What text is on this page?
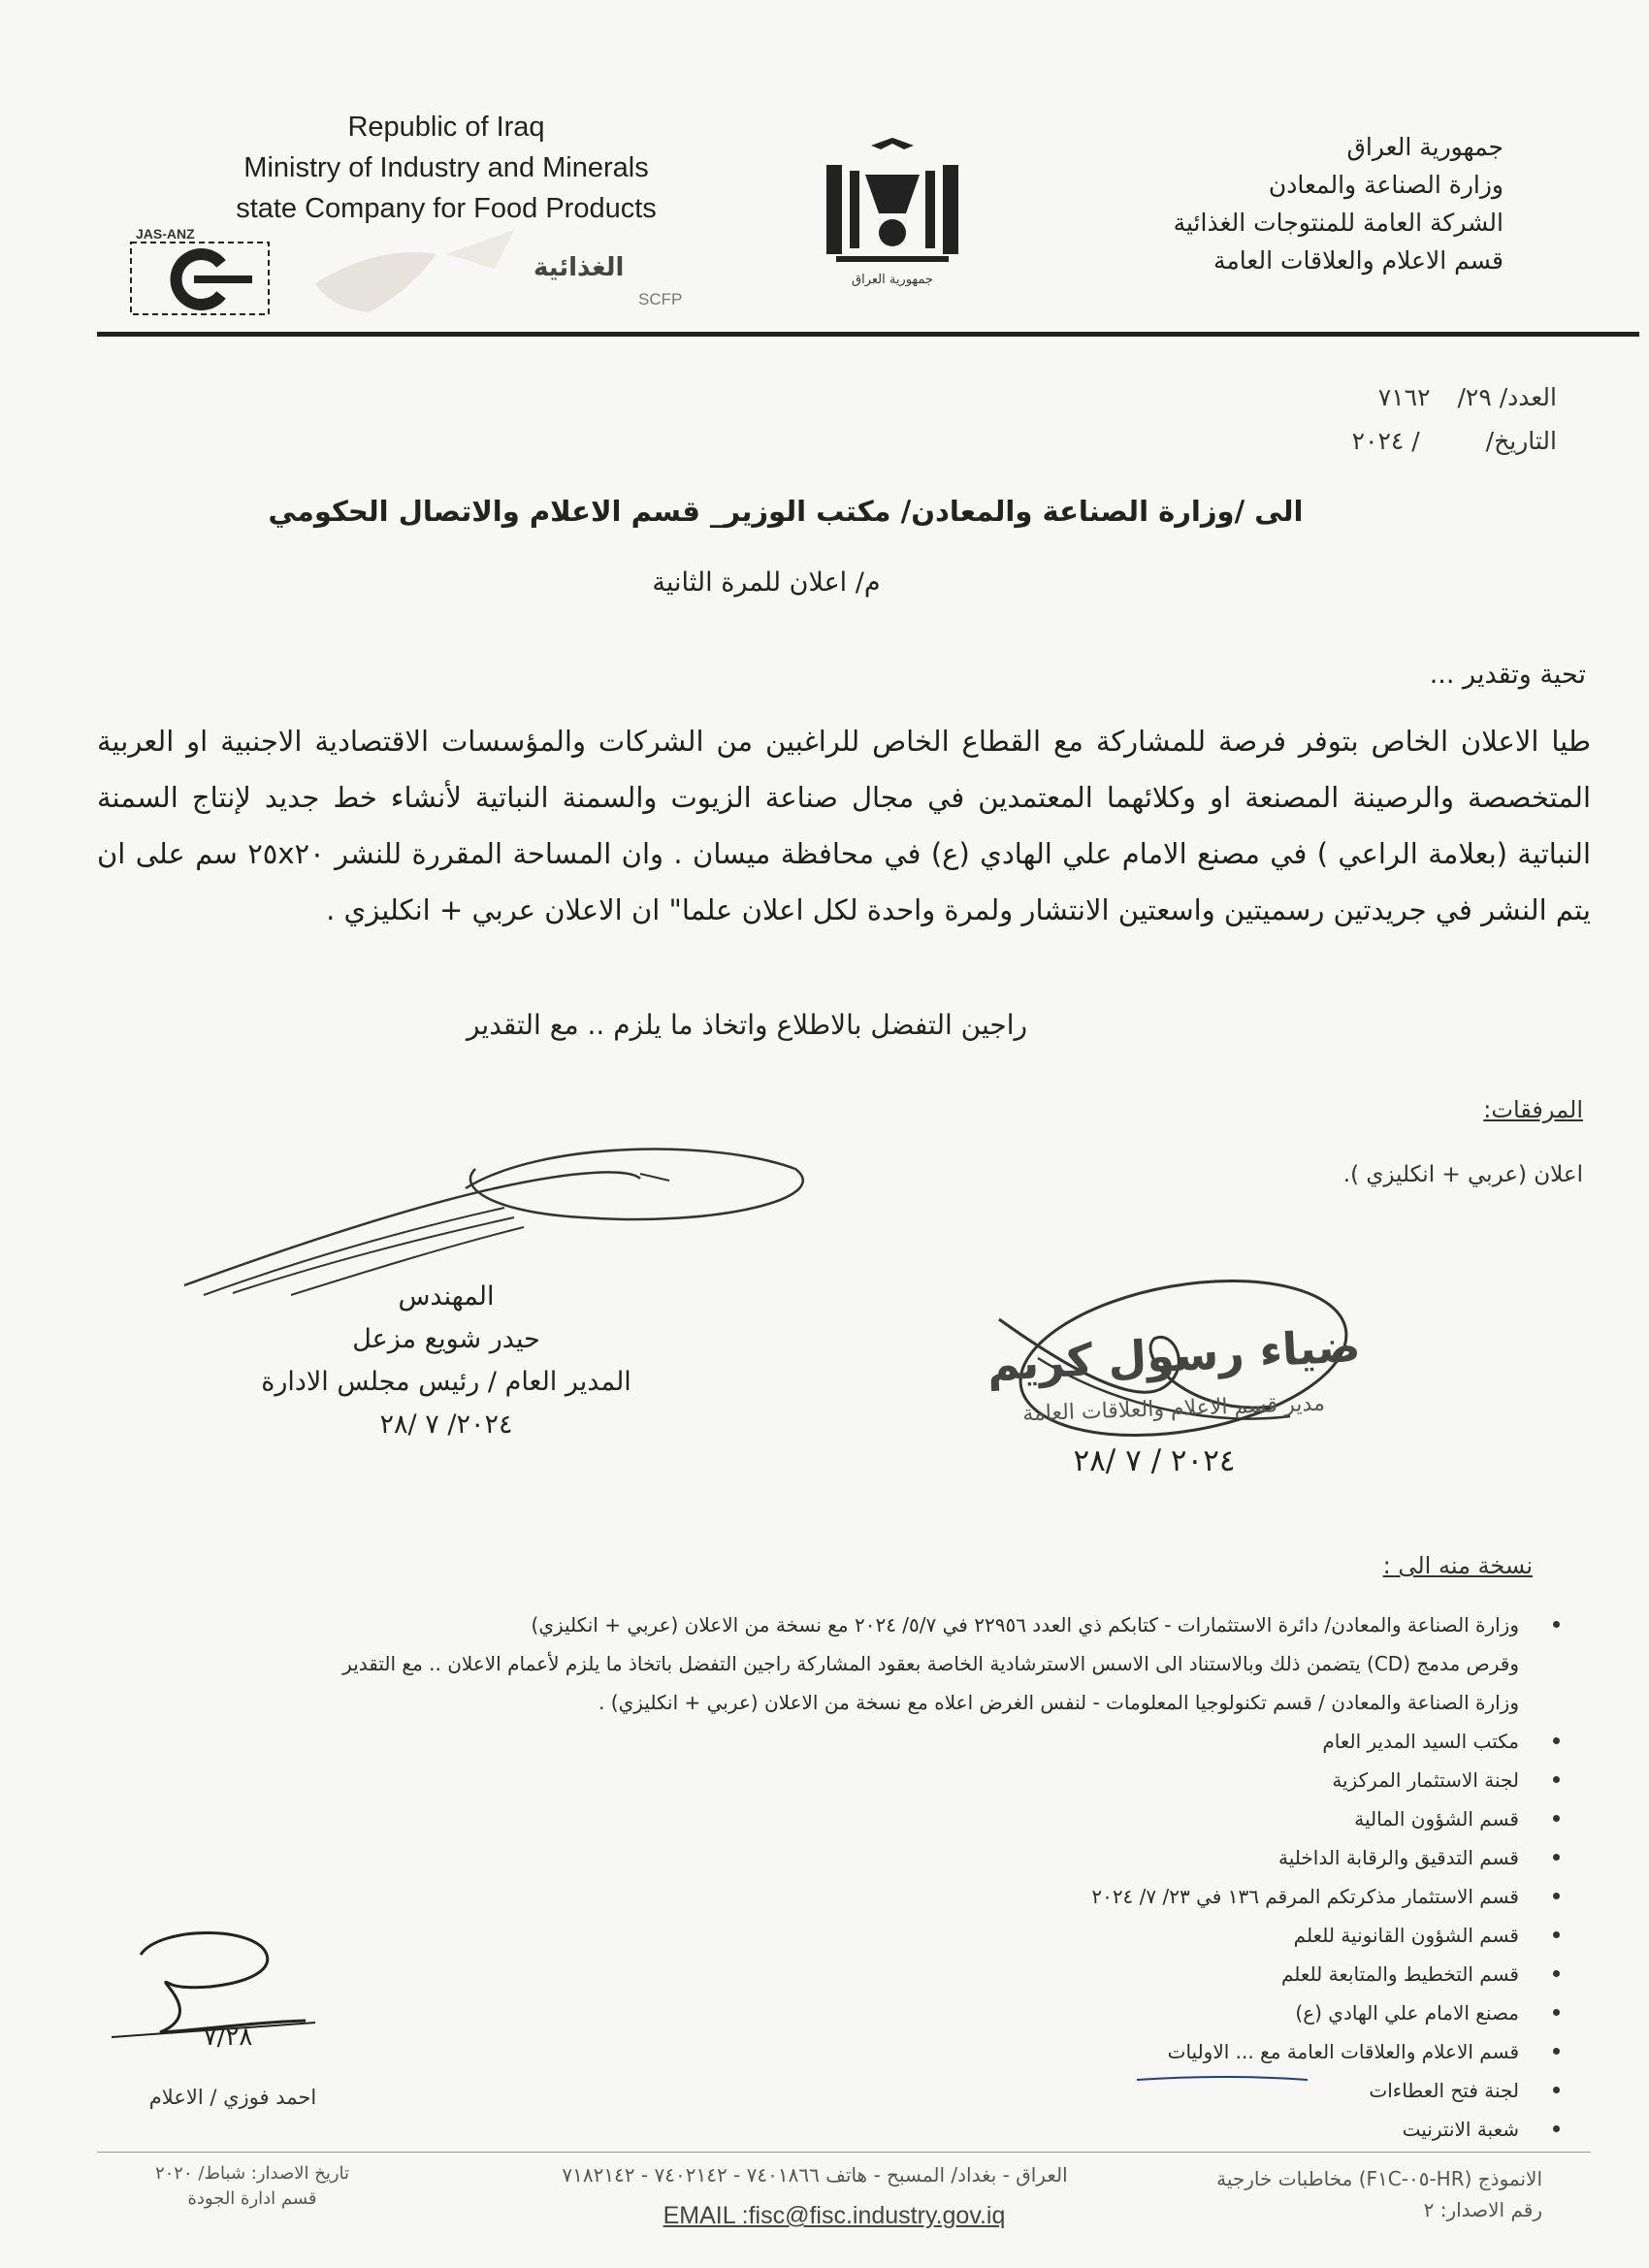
Republic of Iraq
Ministry of Industry and Minerals
state Company for Food Products
JAS-ANZ
الغذائية
SCFP
جمهورية العراق
جمهورية العراق
وزارة الصناعة والمعادن
الشركة العامة للمنتوجات الغذائية
قسم الاعلام والعلاقات العامة
العدد/ ٢٩/ ٧١٦٢
التاريخ/ / ٢٠٢٤
الى /وزارة الصناعة والمعادن/ مكتب الوزير_ قسم الاعلام والاتصال الحكومي
م/ اعلان للمرة الثانية
تحية وتقدير ...
طيا الاعلان الخاص بتوفر فرصة للمشاركة مع القطاع الخاص للراغبين من الشركات والمؤسسات الاقتصادية الاجنبية او العربية المتخصصة والرصينة المصنعة او وكلائهما المعتمدين في مجال صناعة الزيوت والسمنة النباتية لأنشاء خط جديد لإنتاج السمنة النباتية (بعلامة الراعي ) في مصنع الامام علي الهادي (ع) في محافظة ميسان . وان المساحة المقررة للنشر ٢٥x٢٠ سم على ان يتم النشر في جريدتين رسميتين واسعتين الانتشار ولمرة واحدة لكل اعلان علما" ان الاعلان عربي + انكليزي .
راجين التفضل بالاطلاع واتخاذ ما يلزم .. مع التقدير
المرفقات:
اعلان (عربي + انكليزي ).
المهندس
حيدر شويع مزعل
المدير العام / رئيس مجلس الادارة
٢٠٢٤/ ٧ /٢٨
ضياء رسول كريم
مدير قسم الاعلام والعلاقات العامة
٢٠٢٤ / ٧ /٢٨
نسخة منه الى :
وزارة الصناعة والمعادن/ دائرة الاستثمارات - كتابكم ذي العدد ٢٢٩٥٦ في ٥/٧/ ٢٠٢٤ مع نسخة من الاعلان (عربي + انكليزي)
وقرص مدمج (CD) يتضمن ذلك وبالاستناد الى الاسس الاسترشادية الخاصة بعقود المشاركة راجين التفضل باتخاذ ما يلزم لأعمام الاعلان .. مع التقدير
وزارة الصناعة والمعادن / قسم تكنولوجيا المعلومات - لنفس الغرض اعلاه مع نسخة من الاعلان (عربي + انكليزي) .
مكتب السيد المدير العام
لجنة الاستثمار المركزية
قسم الشؤون المالية
قسم التدقيق والرقابة الداخلية
قسم الاستثمار مذكرتكم المرقم ١٣٦ في ٢٣/ ٧/ ٢٠٢٤
قسم الشؤون القانونية للعلم
قسم التخطيط والمتابعة للعلم
مصنع الامام علي الهادي (ع)
قسم الاعلام والعلاقات العامة مع ... الاوليات
لجنة فتح العطاءات
شعبة الانترنيت
٧/٢٨
احمد فوزي / الاعلام
تاريخ الاصدار: شباط/ ٢٠٢٠
قسم ادارة الجودة
العراق - بغداد/ المسبح - هاتف ٧٤٠١٨٦٦ - ٧٤٠٢١٤٢ - ٧١٨٢١٤٢
EMAIL :fisc@fisc.industry.gov.iq
الانموذج (HR-٠٥-F١C) مخاطبات خارجية
رقم الاصدار: ٢
